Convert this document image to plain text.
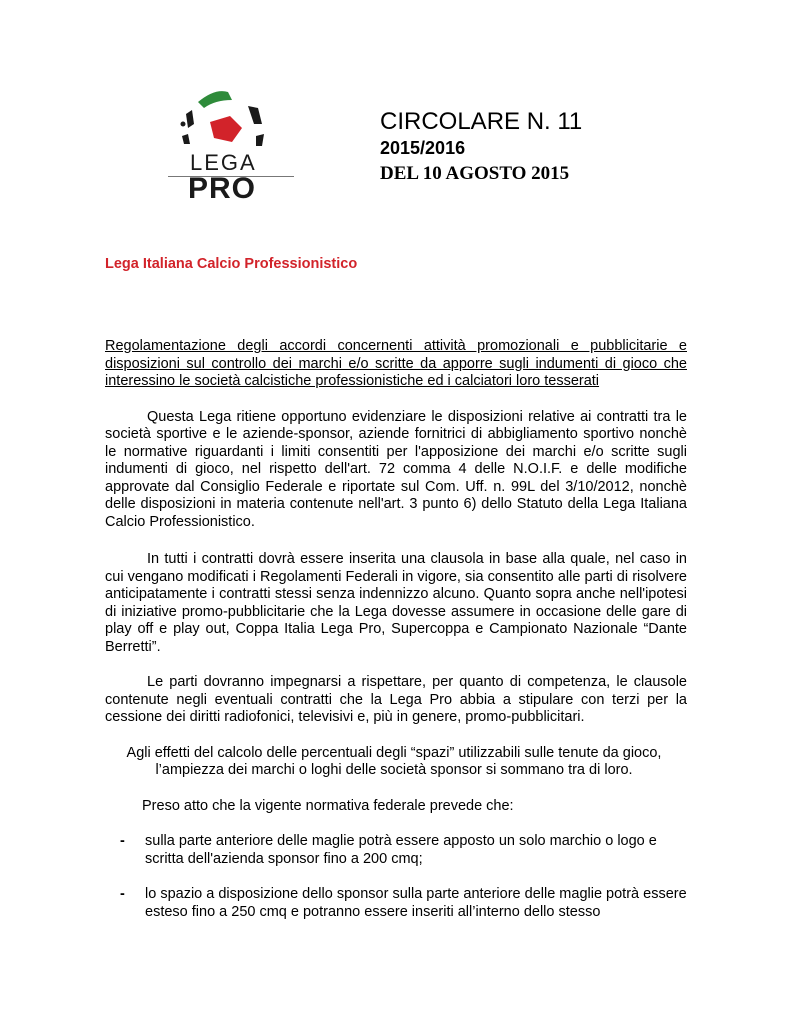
LEGA
PRO
CIRCOLARE N. 11
2015/2016
DEL 10 AGOSTO 2015
Lega Italiana Calcio Professionistico

Regolamentazione degli accordi concernenti attività promozionali e pubblicitarie e disposizioni sul controllo dei marchi e/o scritte da apporre sugli indumenti di gioco che interessino le società calcistiche professionistiche ed i calciatori loro tesserati

Questa Lega ritiene opportuno evidenziare le disposizioni relative ai contratti tra le società sportive e le aziende-sponsor, aziende fornitrici di abbigliamento sportivo nonchè le normative riguardanti i limiti consentiti per l'apposizione dei marchi e/o scritte sugli indumenti di gioco, nel rispetto dell'art. 72 comma 4 delle N.O.I.F. e delle modifiche approvate dal Consiglio Federale e riportate sul Com. Uff. n. 99L del 3/10/2012, nonchè delle disposizioni in materia contenute nell'art. 3 punto 6) dello Statuto della Lega Italiana Calcio Professionistico.

In tutti i contratti dovrà essere inserita una clausola in base alla quale, nel caso in cui vengano modificati i Regolamenti Federali in vigore, sia consentito alle parti di risolvere anticipatamente i contratti stessi senza indennizzo alcuno. Quanto sopra anche nell'ipotesi di iniziative promo-pubblicitarie che la Lega dovesse assumere in occasione delle gare di play off e play out, Coppa Italia Lega Pro, Supercoppa e Campionato Nazionale “Dante Berretti”.

Le parti dovranno impegnarsi a rispettare, per quanto di competenza, le clausole contenute negli eventuali contratti che la Lega Pro abbia a stipulare con terzi per la cessione dei diritti radiofonici, televisivi e, più in genere, promo-pubblicitari.

Agli effetti del calcolo delle percentuali degli “spazi” utilizzabili sulle tenute da gioco, l’ampiezza dei marchi o loghi delle società sponsor si sommano tra di loro.

Preso atto che la vigente normativa federale prevede che:

- sulla parte anteriore delle maglie potrà essere apposto un solo marchio o logo e scritta dell'azienda sponsor fino a 200 cmq;
- lo spazio a disposizione dello sponsor sulla parte anteriore delle maglie potrà essere esteso fino a 250 cmq e potranno essere inseriti all’interno dello stesso
